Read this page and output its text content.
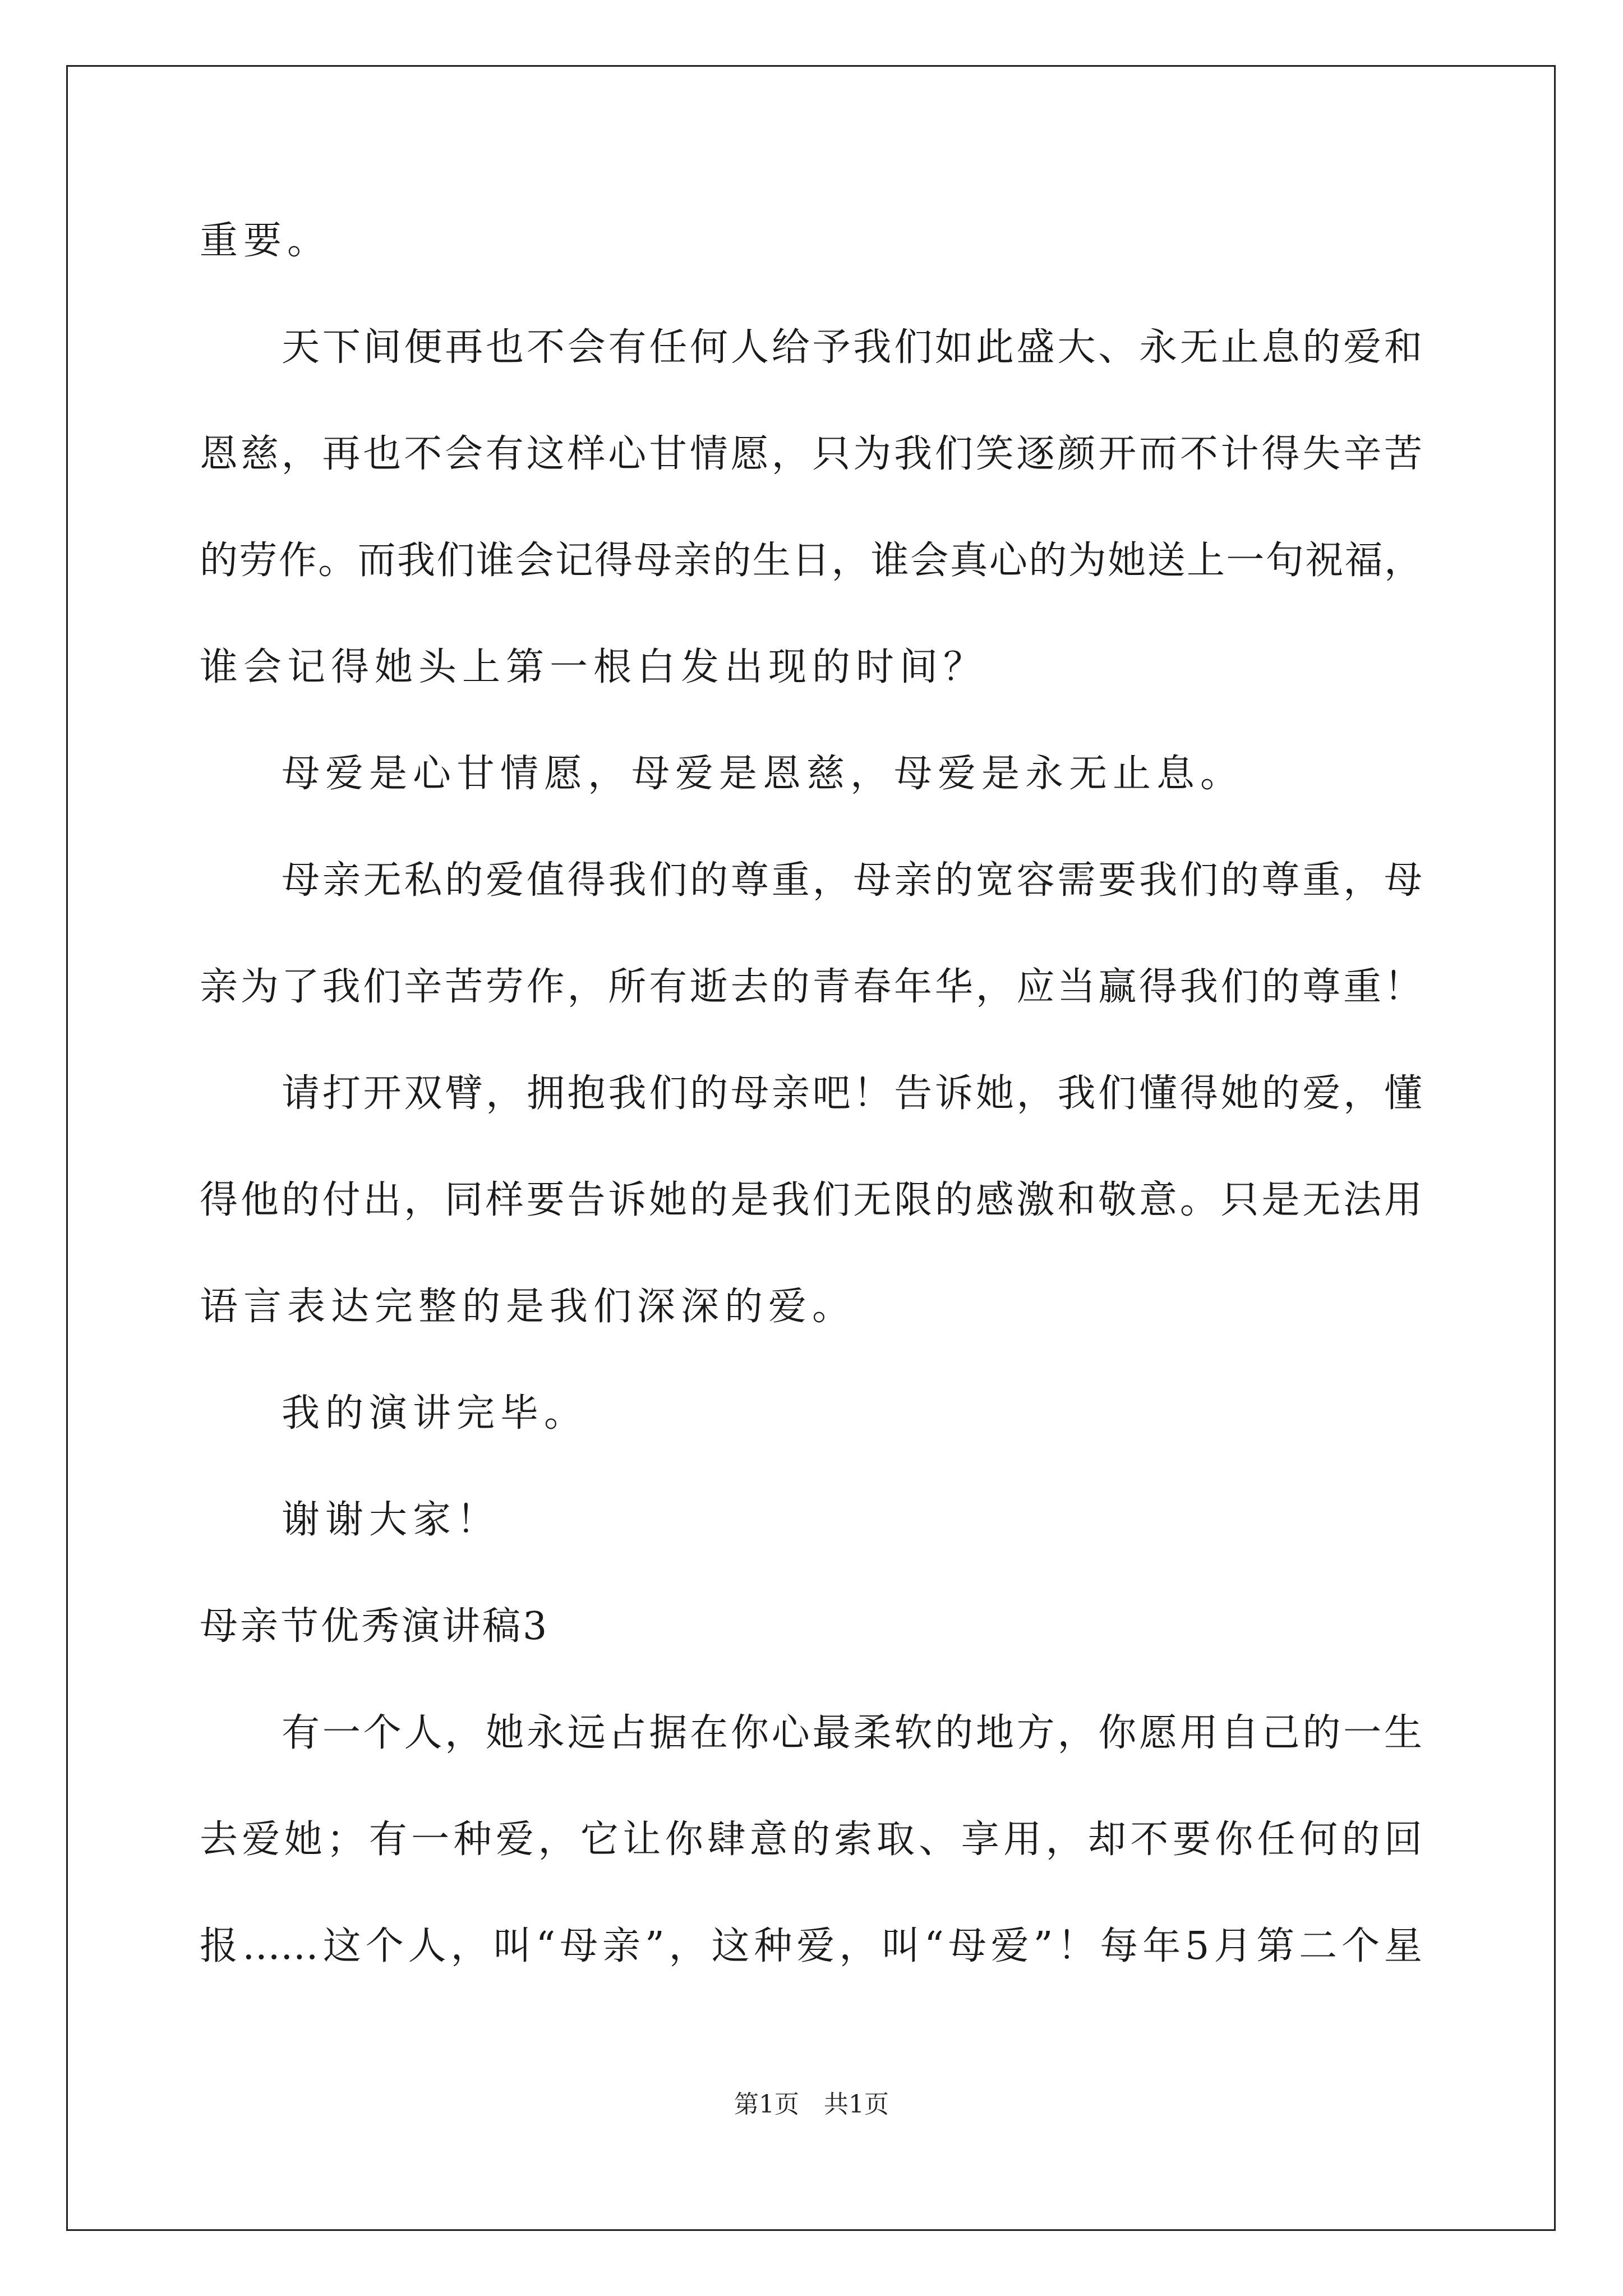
重要。
天下间便再也不会有任何人给予我们如此盛大、永无止息的爱和
恩慈，再也不会有这样心甘情愿，只为我们笑逐颜开而不计得失辛苦
的劳作。而我们谁会记得母亲的生日，谁会真心的为她送上一句祝福，
谁会记得她头上第一根白发出现的时间？
母爱是心甘情愿，母爱是恩慈，母爱是永无止息。
母亲无私的爱值得我们的尊重，母亲的宽容需要我们的尊重，母
亲为了我们辛苦劳作，所有逝去的青春年华，应当赢得我们的尊重！
请打开双臂，拥抱我们的母亲吧！告诉她，我们懂得她的爱，懂
得他的付出，同样要告诉她的是我们无限的感激和敬意。只是无法用
语言表达完整的是我们深深的爱。
我的演讲完毕。
谢谢大家！
母亲节优秀演讲稿3
有一个人，她永远占据在你心最柔软的地方，你愿用自己的一生
去爱她；有一种爱，它让你肆意的索取、享用，却不要你任何的回
报……这个人，叫“母亲”，这种爱，叫“母爱”！每年5月第二个星
第1页 共1页
